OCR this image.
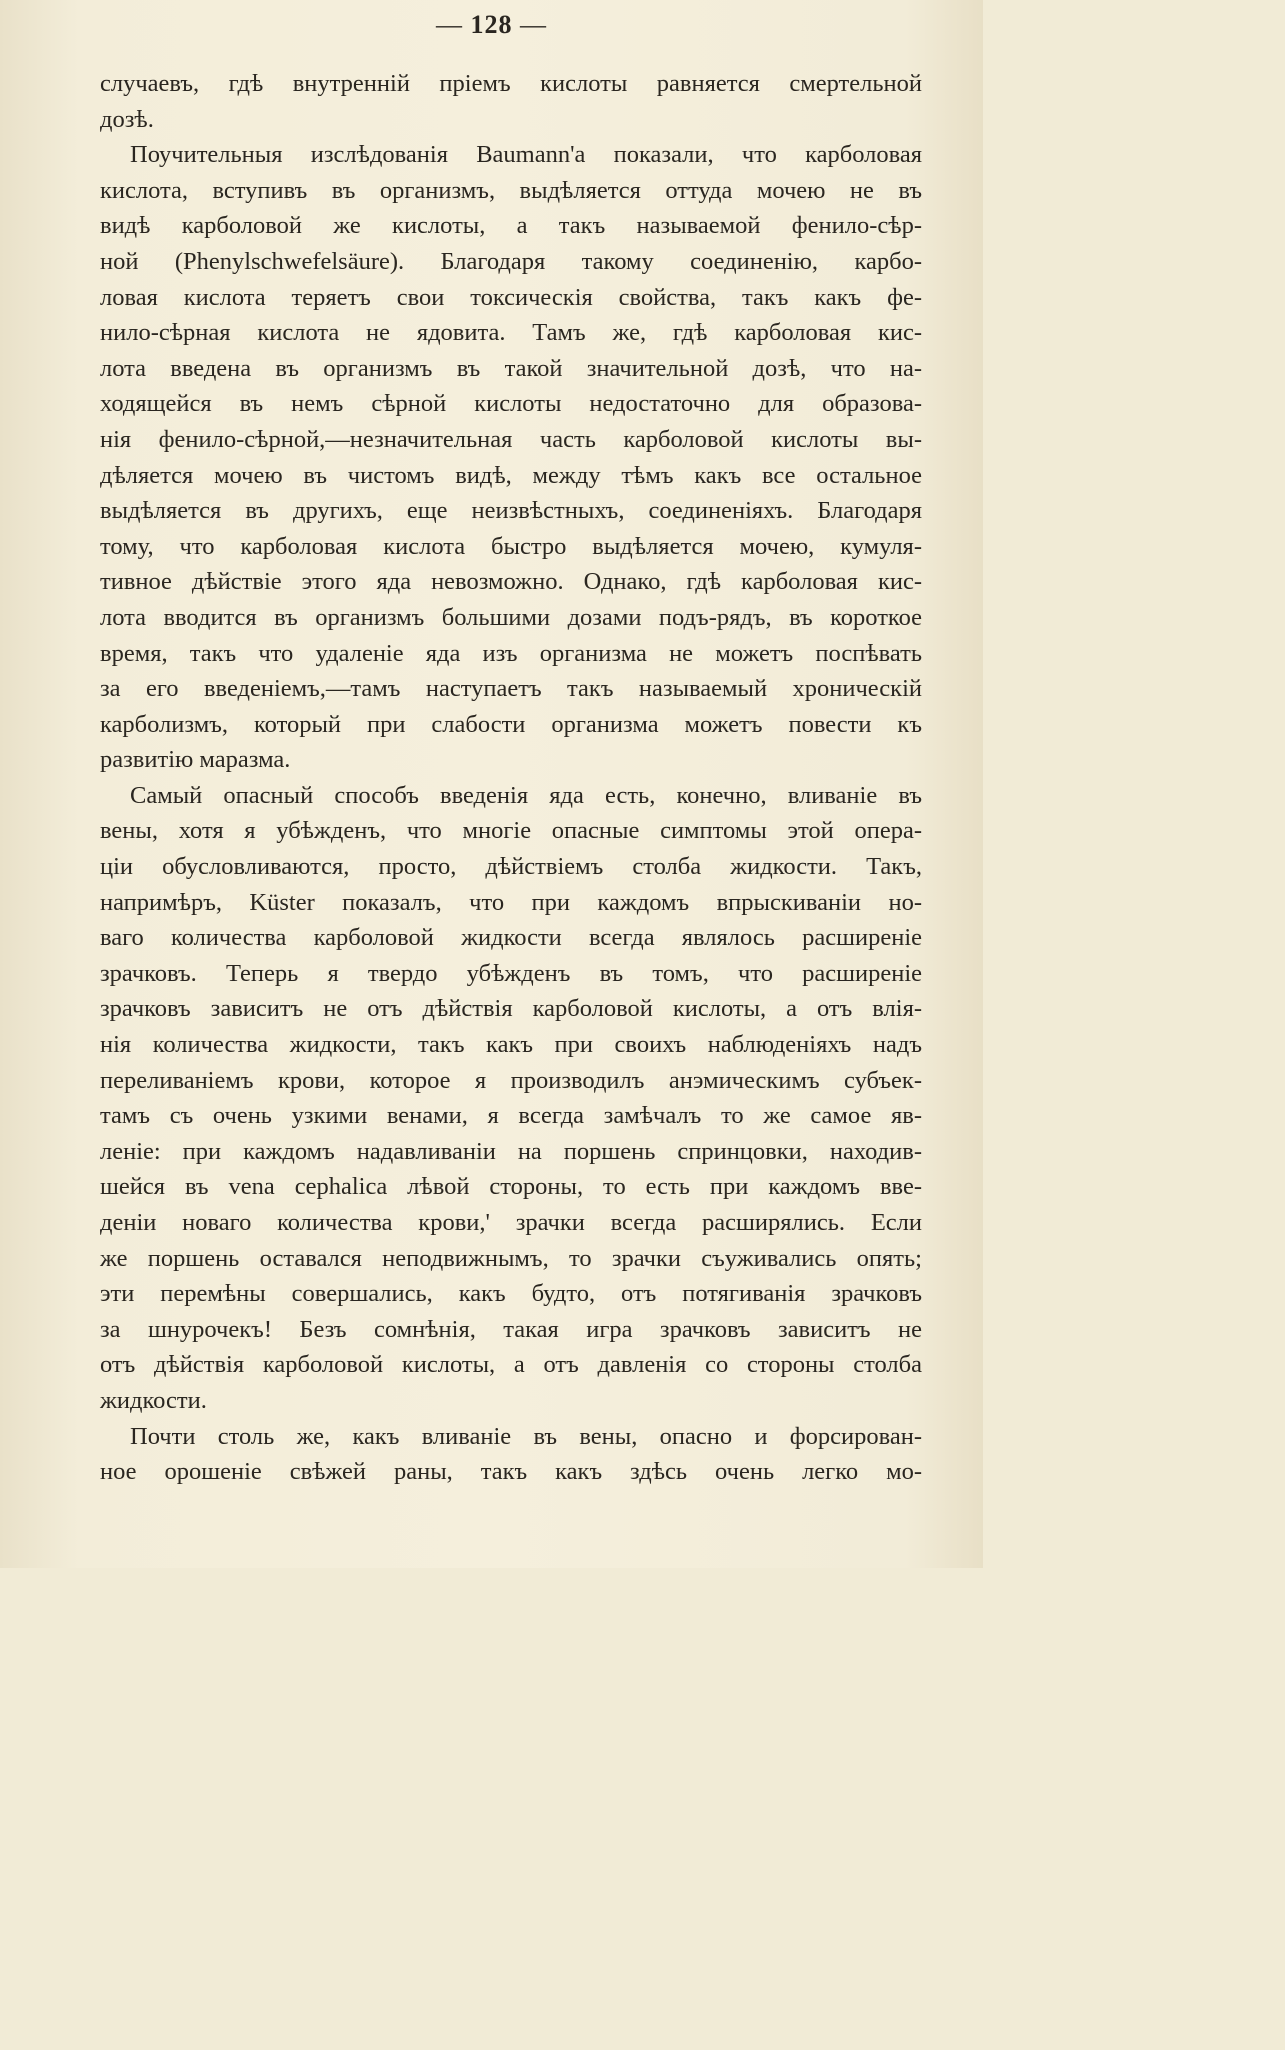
— 128 —
случаевъ, гдѣ внутренній пріемъ кислоты равняется смертельной
дозѣ.
Поучительныя изслѣдованія Baumann'a показали, что карболовая
кислота, вступивъ въ организмъ, выдѣляется оттуда мочею не въ
видѣ карболовой же кислоты, а такъ называемой фенило-сѣр-
ной (Phenylschwefelsäure). Благодаря такому соединенію, карбо-
ловая кислота теряетъ свои токсическія свойства, такъ какъ фе-
нило-сѣрная кислота не ядовита. Тамъ же, гдѣ карболовая кис-
лота введена въ организмъ въ такой значительной дозѣ, что на-
ходящейся въ немъ сѣрной кислоты недостаточно для образова-
нія фенило-сѣрной,—незначительная часть карболовой кислоты вы-
дѣляется мочею въ чистомъ видѣ, между тѣмъ какъ все остальное
выдѣляется въ другихъ, еще неизвѣстныхъ, соединеніяхъ. Благодаря
тому, что карболовая кислота быстро выдѣляется мочею, кумуля-
тивное дѣйствіе этого яда невозможно. Однако, гдѣ карболовая кис-
лота вводится въ организмъ большими дозами подъ-рядъ, въ короткое
время, такъ что удаленіе яда изъ организма не можетъ поспѣвать
за его введеніемъ,—тамъ наступаетъ такъ называемый хроническій
карболизмъ, который при слабости организма можетъ повести къ
развитію маразма.
Самый опасный способъ введенія яда есть, конечно, вливаніе въ
вены, хотя я убѣжденъ, что многіе опасные симптомы этой опера-
ціи обусловливаются, просто, дѣйствіемъ столба жидкости. Такъ,
напримѣръ, Küster показалъ, что при каждомъ впрыскиваніи но-
ваго количества карболовой жидкости всегда являлось расширеніе
зрачковъ. Теперь я твердо убѣжденъ въ томъ, что расширеніе
зрачковъ зависитъ не отъ дѣйствія карболовой кислоты, а отъ влія-
нія количества жидкости, такъ какъ при своихъ наблюденіяхъ надъ
переливаніемъ крови, которое я производилъ анэмическимъ субъек-
тамъ съ очень узкими венами, я всегда замѣчалъ то же самое яв-
леніе: при каждомъ надавливаніи на поршень спринцовки, находив-
шейся въ vena cephalica лѣвой стороны, то есть при каждомъ вве-
деніи новаго количества крови,' зрачки всегда расширялись. Если
же поршень оставался неподвижнымъ, то зрачки съуживались опять;
эти перемѣны совершались, какъ будто, отъ потягиванія зрачковъ
за шнурочекъ! Безъ сомнѣнія, такая игра зрачковъ зависитъ не
отъ дѣйствія карболовой кислоты, а отъ давленія со стороны столба
жидкости.
Почти столь же, какъ вливаніе въ вены, опасно и форсирован-
ное орошеніе свѣжей раны, такъ какъ здѣсь очень легко мо-
